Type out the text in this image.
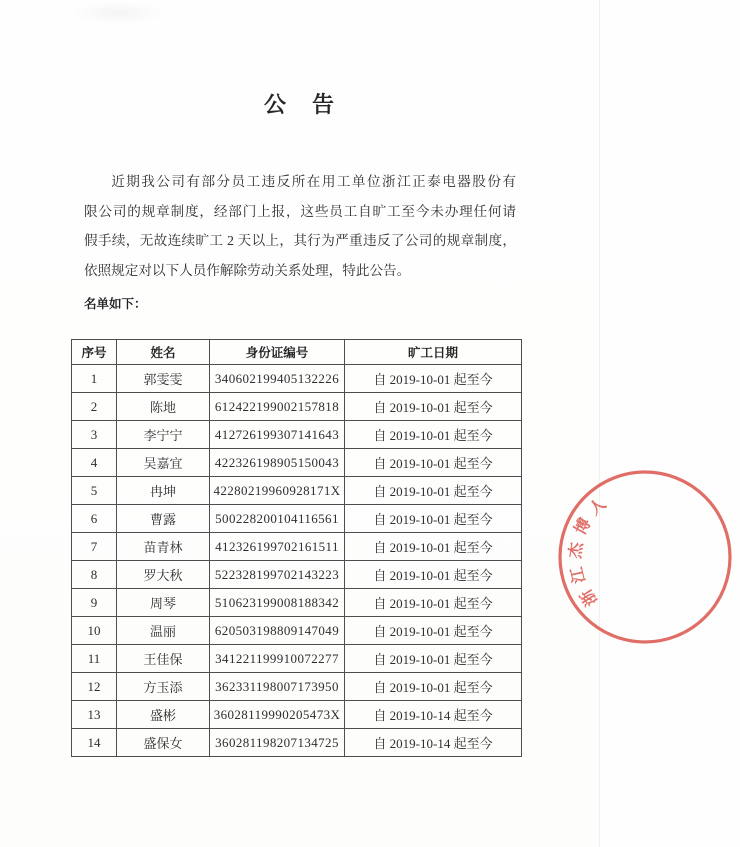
公　告
近期我公司有部分员工违反所在用工单位浙江正泰电器股份有
限公司的规章制度，经部门上报，这些员工自旷工至今未办理任何请
假手续，无故连续旷工 2 天以上，其行为严重违反了公司的规章制度，
依照规定对以下人员作解除劳动关系处理，特此公告。
名单如下：
序号	姓名	身份证编号	旷工日期
1	郭雯雯	340602199405132226	自 2019-10-01 起至今
2	陈地	612422199002157818	自 2019-10-01 起至今
3	李宁宁	412726199307141643	自 2019-10-01 起至今
4	吴嘉宜	422326198905150043	自 2019-10-01 起至今
5	冉坤	42280219960928171X	自 2019-10-01 起至今
6	曹露	500228200104116561	自 2019-10-01 起至今
7	苗青林	412326199702161511	自 2019-10-01 起至今
8	罗大秋	522328199702143223	自 2019-10-01 起至今
9	周琴	510623199008188342	自 2019-10-01 起至今
10	温丽	620503198809147049	自 2019-10-01 起至今
11	王佳保	341221199910072277	自 2019-10-01 起至今
12	方玉添	362331198007173950	自 2019-10-01 起至今
13	盛彬	36028119990205473X	自 2019-10-14 起至今
14	盛保女	360281198207134725	自 2019-10-14 起至今
浙江杰博人
